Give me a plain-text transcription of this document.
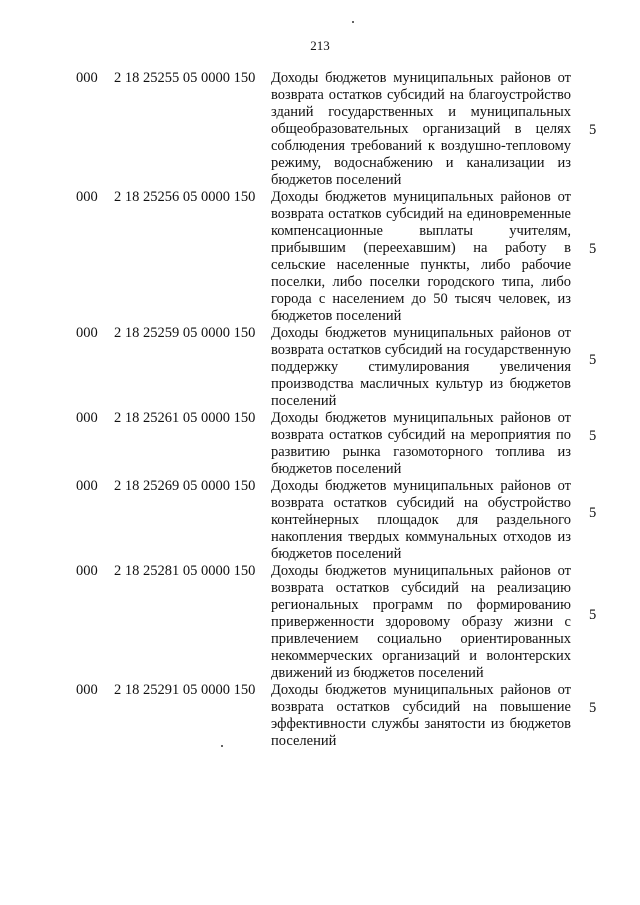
213
000 2 18 25255 05 0000 150 Доходы бюджетов муниципальных районов от возврата остатков субсидий на благоустройство зданий государственных и муниципальных общеобразовательных организаций в целях соблюдения требований к воздушно-тепловому режиму, водоснабжению и канализации из бюджетов поселений
5
000 2 18 25256 05 0000 150 Доходы бюджетов муниципальных районов от возврата остатков субсидий на единовременные компенсационные выплаты учителям, прибывшим (переехавшим) на работу в сельские населенные пункты, либо рабочие поселки, либо поселки городского типа, либо города с населением до 50 тысяч человек, из бюджетов поселений
5
000 2 18 25259 05 0000 150 Доходы бюджетов муниципальных районов от возврата остатков субсидий на государственную поддержку стимулирования увеличения производства масличных культур из бюджетов поселений
5
000 2 18 25261 05 0000 150 Доходы бюджетов муниципальных районов от возврата остатков субсидий на мероприятия по развитию рынка газомоторного топлива из бюджетов поселений
5
000 2 18 25269 05 0000 150 Доходы бюджетов муниципальных районов от возврата остатков субсидий на обустройство контейнерных площадок для раздельного накопления твердых коммунальных отходов из бюджетов поселений
5
000 2 18 25281 05 0000 150 Доходы бюджетов муниципальных районов от возврата остатков субсидий на реализацию региональных программ по формированию приверженности здоровому образу жизни с привлечением социально ориентированных некоммерческих организаций и волонтерских движений из бюджетов поселений
5
000 2 18 25291 05 0000 150 Доходы бюджетов муниципальных районов от возврата остатков субсидий на повышение эффективности службы занятости из бюджетов поселений
5
